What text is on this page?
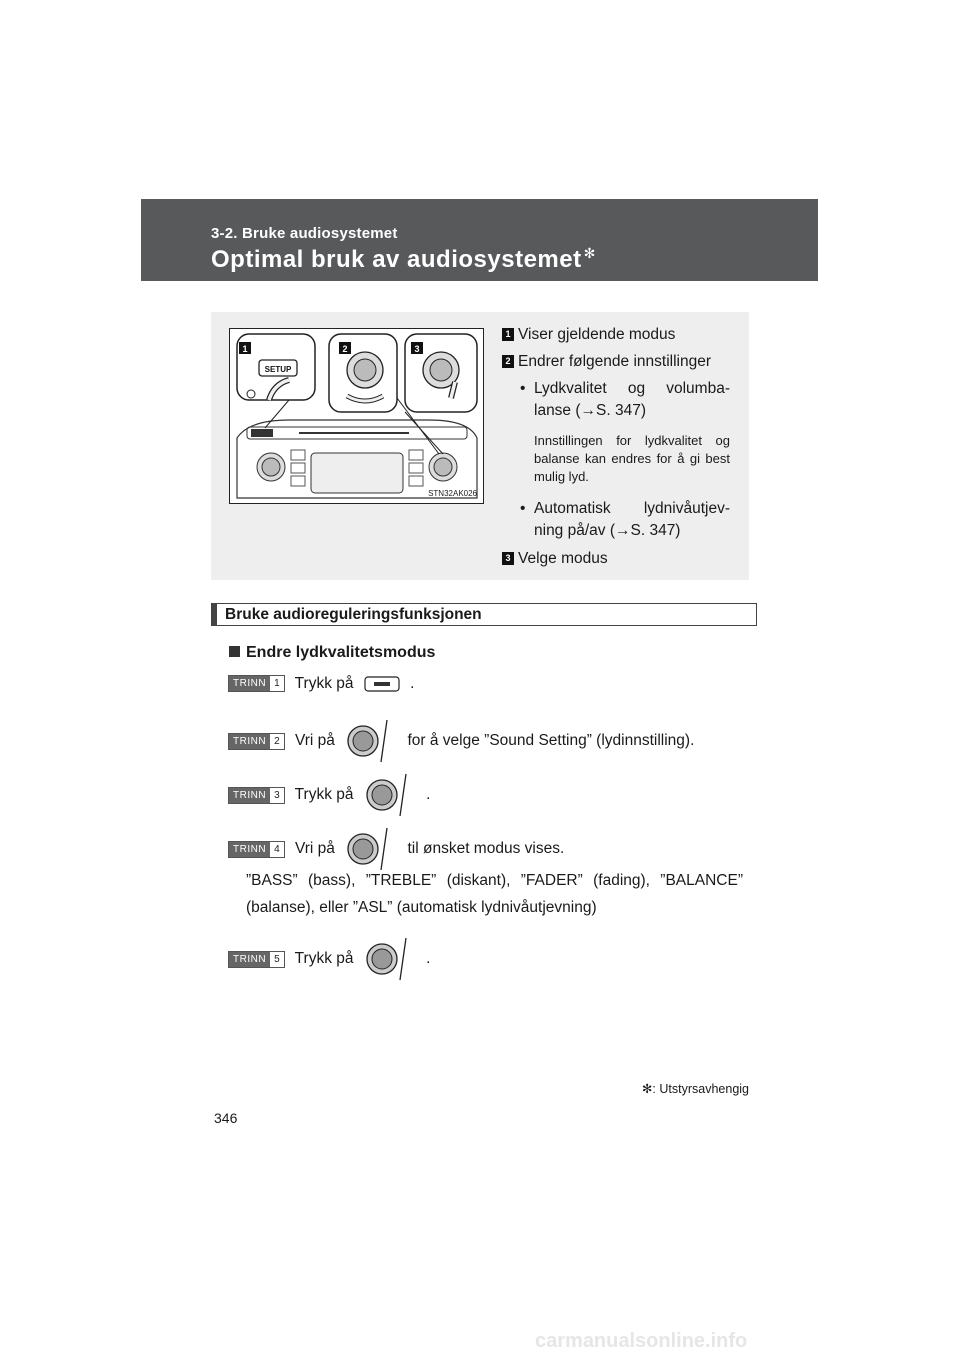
3-2. Bruke audiosystemet
Optimal bruk av audiosystemet ✻
SETUP
1	2	3
STN32AK026
1 Viser gjeldende modus
2 Endrer følgende innstillinger
• Lydkvalitet og volumba-lanse (→S. 347)
Innstillingen for lydkvalitet og balanse kan endres for å gi best mulig lyd.
• Automatisk lydnivåutjev-ning på/av (→S. 347)
3 Velge modus
Bruke audioreguleringsfunksjonen
Endre lydkvalitetsmodus
TRINN 1 Trykk på	.
TRINN 2 Vri på	for å velge ”Sound Setting” (lydinnstilling).
TRINN 3 Trykk på	.
TRINN 4 Vri på	til ønsket modus vises.
”BASS” (bass), ”TREBLE” (diskant), ”FADER” (fading), ”BALANCE” (balanse), eller ”ASL” (automatisk lydnivåutjevning)
TRINN 5 Trykk på	.
✻: Utstyrsavhengig
346
carmanualsonline.info
